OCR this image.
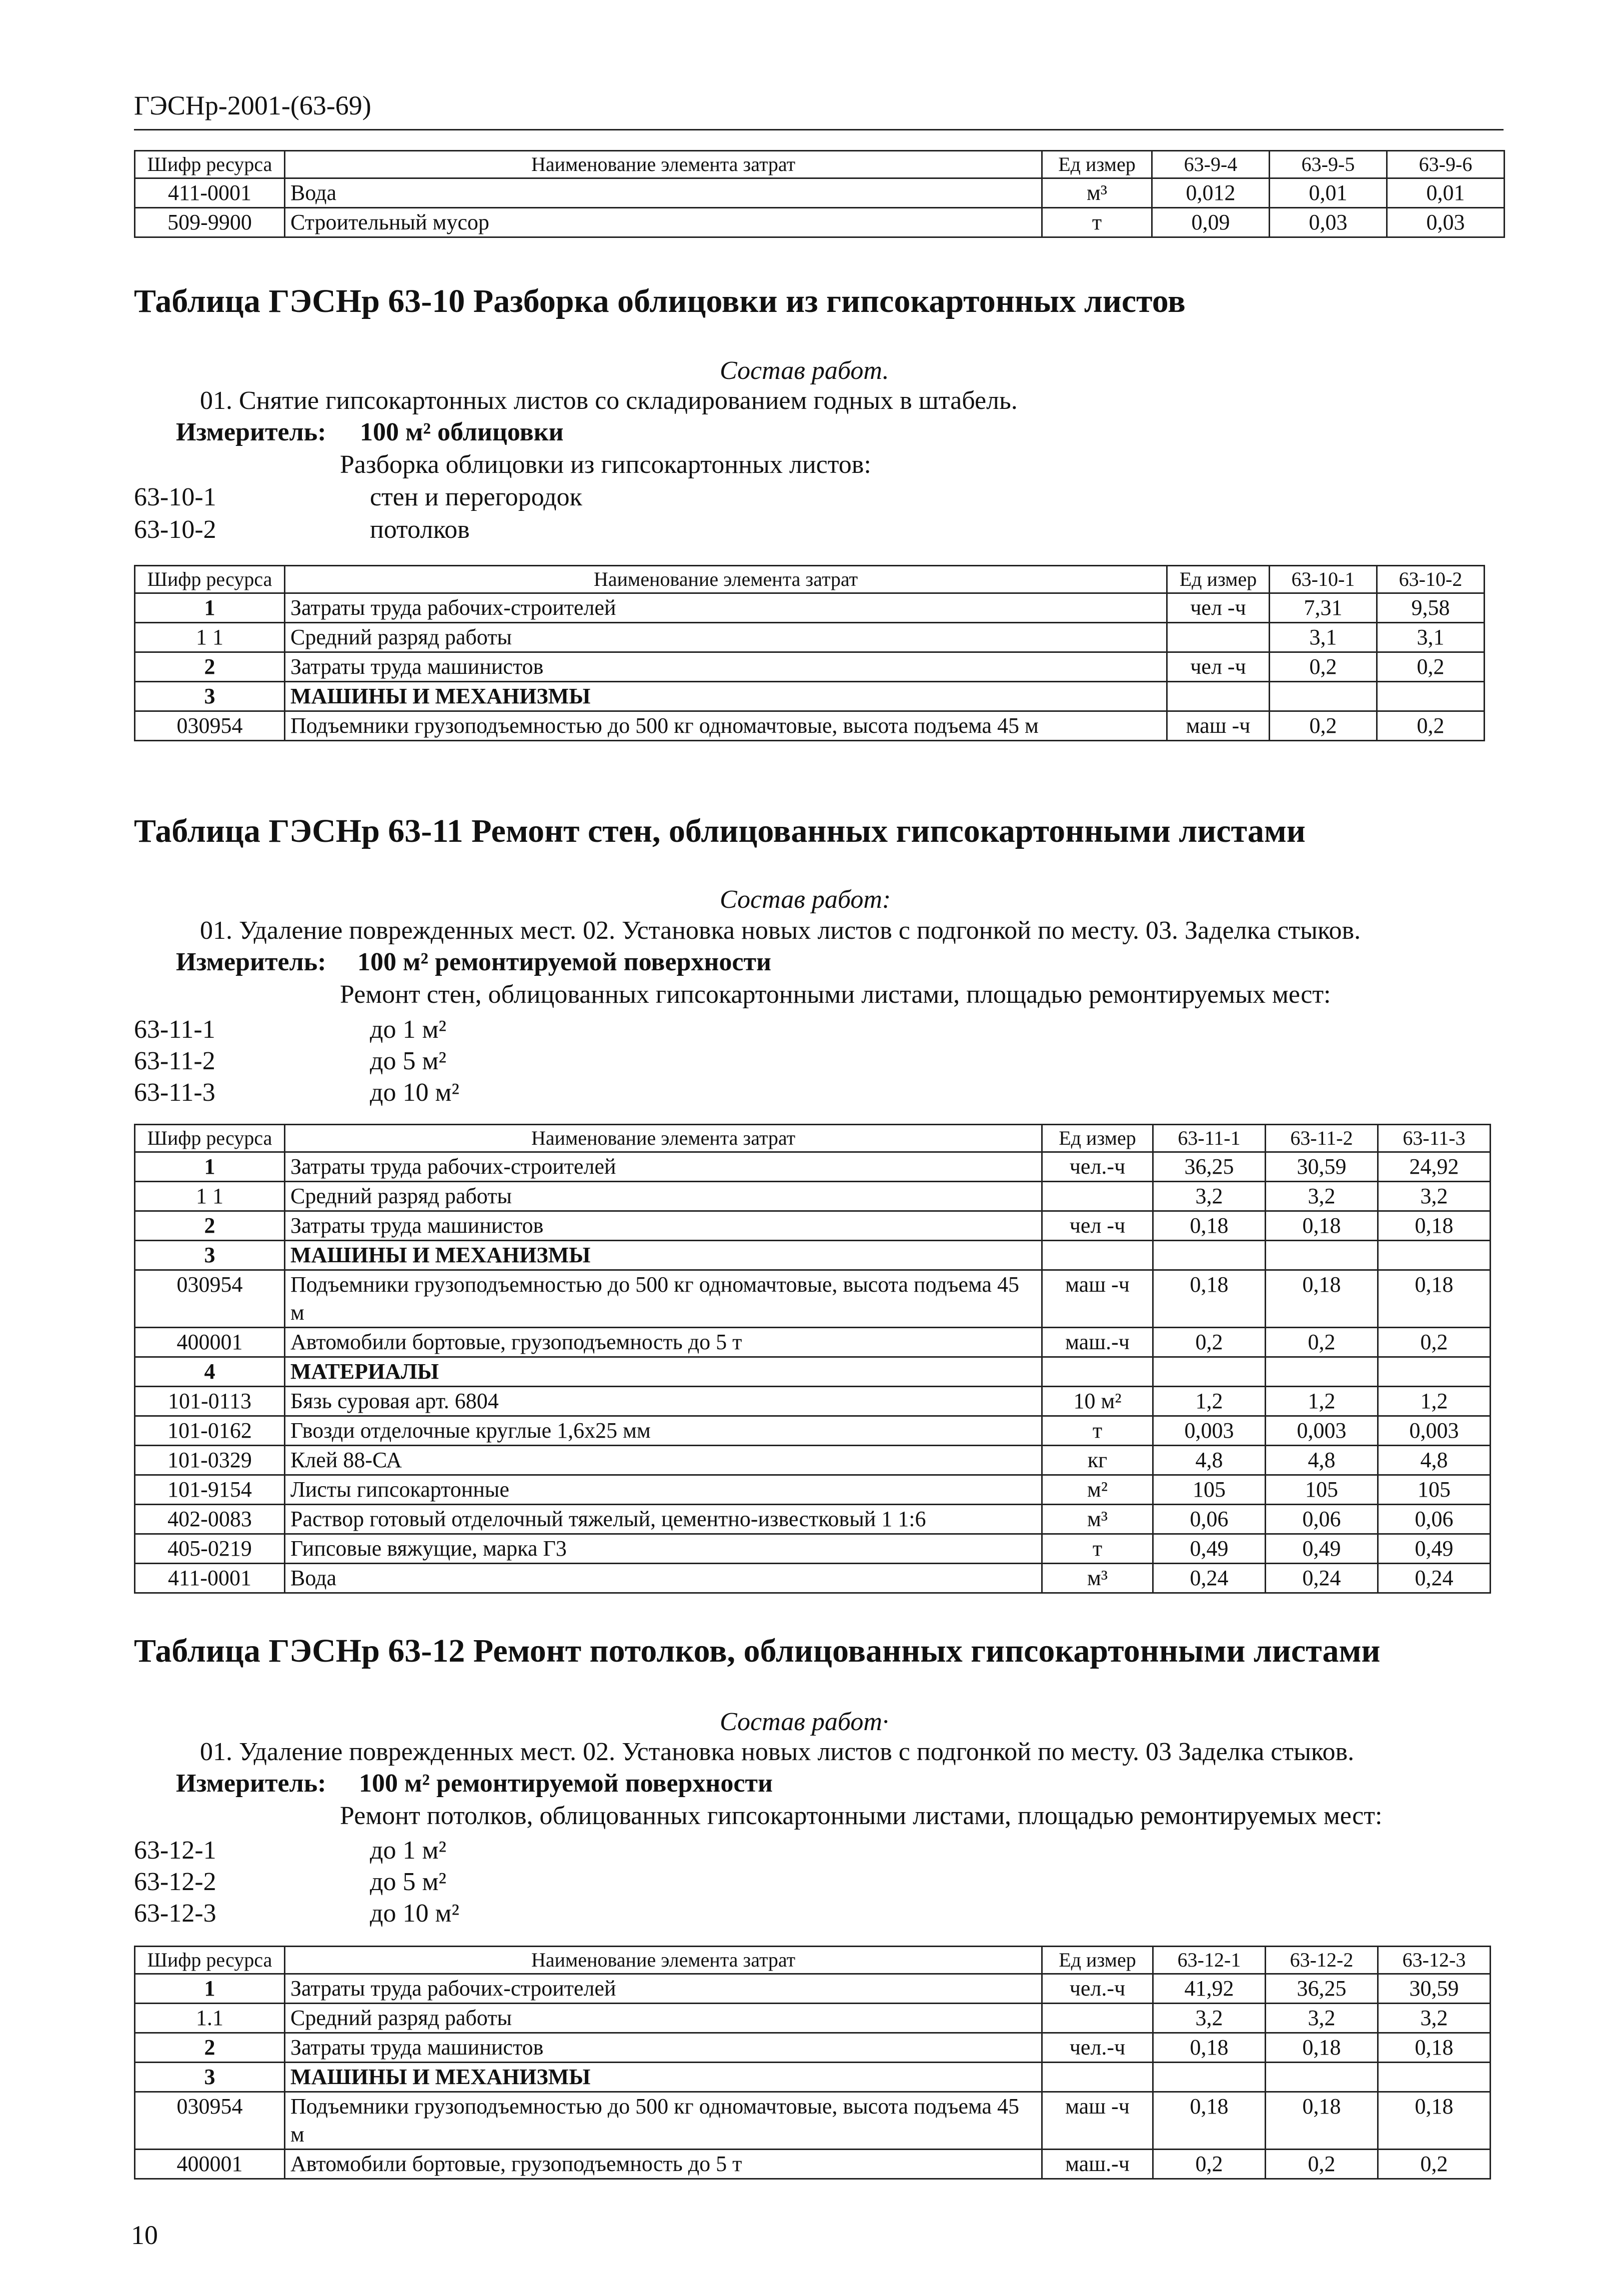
ГЭСНр-2001-(63-69)
Шифр ресурса	Наименование элемента затрат	Ед измер	63-9-4	63-9-5	63-9-6
411-0001	Вода	м³	0,012	0,01	0,01
509-9900	Строительный мусор	т	0,09	0,03	0,03
Таблица ГЭСНр 63-10 Разборка облицовки из гипсокартонных листов
Состав работ.
01. Снятие гипсокартонных листов со складированием годных в штабель.
Измеритель: 100 м² облицовки
Разборка облицовки из гипсокартонных листов:
63-10-1	стен и перегородок
63-10-2	потолков
Шифр ресурса	Наименование элемента затрат	Ед измер	63-10-1	63-10-2
1	Затраты труда рабочих-строителей	чел -ч	7,31	9,58
1 1	Средний разряд работы		3,1	3,1
2	Затраты труда машинистов	чел -ч	0,2	0,2
3	МАШИНЫ И МЕХАНИЗМЫ			
030954	Подъемники грузоподъемностью до 500 кг одномачтовые, высота подъема 45 м	маш -ч	0,2	0,2
Таблица ГЭСНр 63-11 Ремонт стен, облицованных гипсокартонными листами
Состав работ:
01. Удаление поврежденных мест. 02. Установка новых листов с подгонкой по месту. 03. Заделка стыков.
Измеритель: 100 м² ремонтируемой поверхности
Ремонт стен, облицованных гипсокартонными листами, площадью ремонтируемых мест:
63-11-1	до 1 м²
63-11-2	до 5 м²
63-11-3	до 10 м²
Шифр ресурса	Наименование элемента затрат	Ед измер	63-11-1	63-11-2	63-11-3
1	Затраты труда рабочих-строителей	чел.-ч	36,25	30,59	24,92
1 1	Средний разряд работы		3,2	3,2	3,2
2	Затраты труда машинистов	чел -ч	0,18	0,18	0,18
3	МАШИНЫ И МЕХАНИЗМЫ				
030954	Подъемники грузоподъемностью до 500 кг одномачтовые, высота подъема 45 м	маш -ч	0,18	0,18	0,18
400001	Автомобили бортовые, грузоподъемность до 5 т	маш.-ч	0,2	0,2	0,2
4	МАТЕРИАЛЫ				
101-0113	Бязь суровая арт. 6804	10 м²	1,2	1,2	1,2
101-0162	Гвозди отделочные круглые 1,6х25 мм	т	0,003	0,003	0,003
101-0329	Клей 88-СА	кг	4,8	4,8	4,8
101-9154	Листы гипсокартонные	м²	105	105	105
402-0083	Раствор готовый отделочный тяжелый, цементно-известковый 1 1:6	м³	0,06	0,06	0,06
405-0219	Гипсовые вяжущие, марка Г3	т	0,49	0,49	0,49
411-0001	Вода	м³	0,24	0,24	0,24
Таблица ГЭСНр 63-12 Ремонт потолков, облицованных гипсокартонными листами
Состав работ·
01. Удаление поврежденных мест. 02. Установка новых листов с подгонкой по месту. 03 Заделка стыков.
Измеритель: 100 м² ремонтируемой поверхности
Ремонт потолков, облицованных гипсокартонными листами, площадью ремонтируемых мест:
63-12-1	до 1 м²
63-12-2	до 5 м²
63-12-3	до 10 м²
Шифр ресурса	Наименование элемента затрат	Ед измер	63-12-1	63-12-2	63-12-3
1	Затраты труда рабочих-строителей	чел.-ч	41,92	36,25	30,59
1.1	Средний разряд работы		3,2	3,2	3,2
2	Затраты труда машинистов	чел.-ч	0,18	0,18	0,18
3	МАШИНЫ И МЕХАНИЗМЫ				
030954	Подъемники грузоподъемностью до 500 кг одномачтовые, высота подъема 45 м	маш -ч	0,18	0,18	0,18
400001	Автомобили бортовые, грузоподъемность до 5 т	маш.-ч	0,2	0,2	0,2
10
